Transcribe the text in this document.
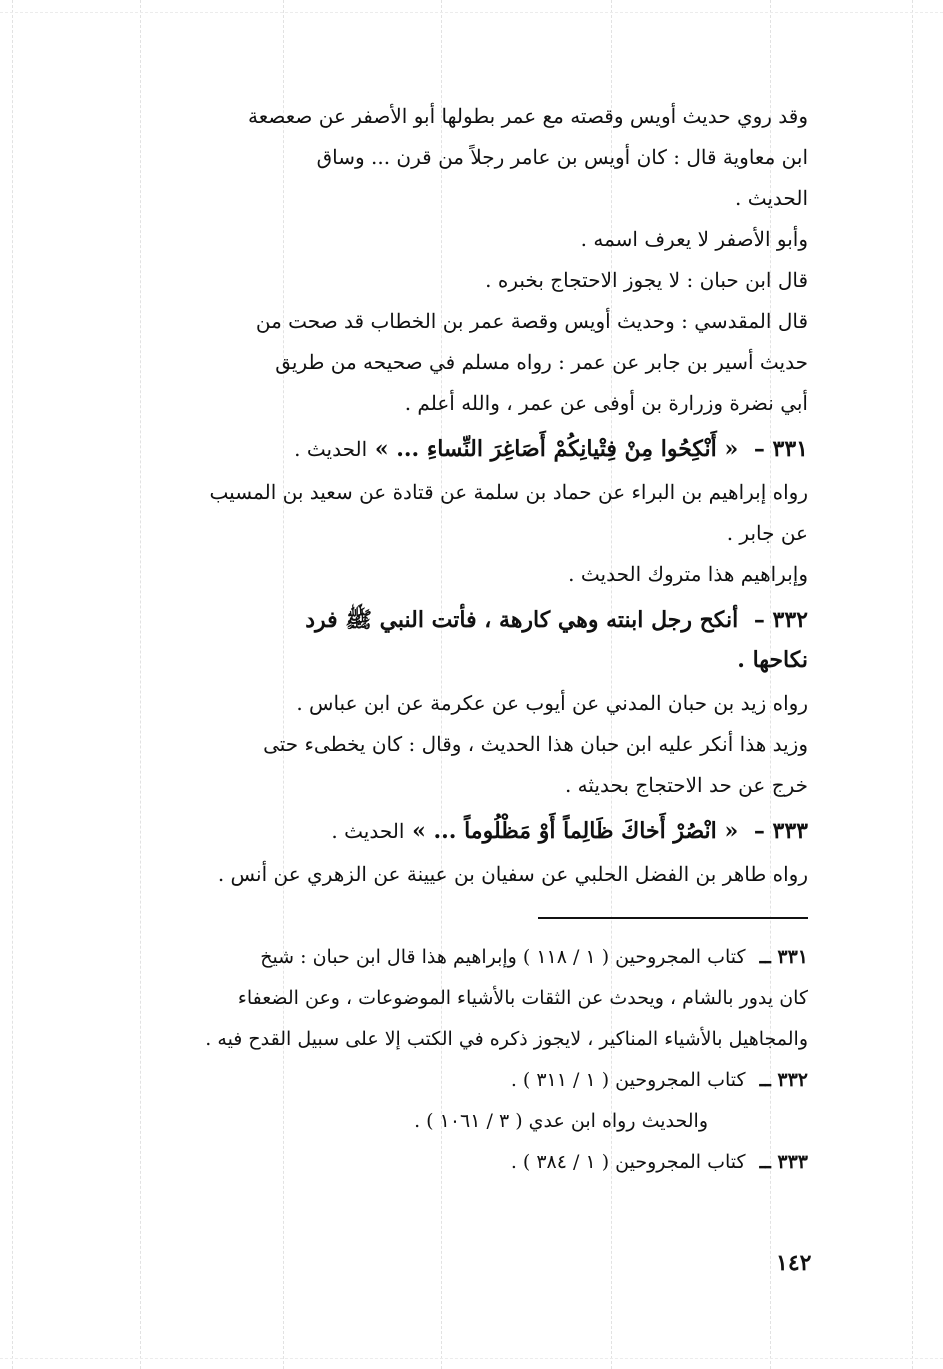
وقد روي حديث أويس وقصته مع عمر بطولها أبو الأصفر عن صعصعة
ابن معاوية قال : كان أويس بن عامر رجلاً من قرن ... وساق
الحديث .
وأبو الأصفر لا يعرف اسمه .
قال ابن حبان : لا يجوز الاحتجاج بخبره .
قال المقدسي : وحديث أويس وقصة عمر بن الخطاب قد صحت من
حديث أسير بن جابر عن عمر : رواه مسلم في صحيحه من طريق
أبي نضرة وزرارة بن أوفى عن عمر ، والله أعلم .
٣٣١ – « أَنْكِحُوا مِنْ فِتْيانِكُمْ أَصَاغِرَ النِّساءِ ... » الحديث .
رواه إبراهيم بن البراء عن حماد بن سلمة عن قتادة عن سعيد بن المسيب
عن جابر .
وإبراهيم هذا متروك الحديث .
٣٣٢ – أنكح رجل ابنته وهي كارهة ، فأتت النبي ﷺ فرد
نكاحها .
رواه زيد بن حبان المدني عن أيوب عن عكرمة عن ابن عباس .
وزيد هذا أنكر عليه ابن حبان هذا الحديث ، وقال : كان يخطىء حتى
خرج عن حد الاحتجاج بحديثه .
٣٣٣ – « انْصُرْ أَخاكَ ظَالِماً أَوْ مَظْلُوماً ... » الحديث .
رواه طاهر بن الفضل الحلبي عن سفيان بن عيينة عن الزهري عن أنس .
٣٣١ ــ كتاب المجروحين ( ١ / ١١٨ ) وإبراهيم هذا قال ابن حبان : شيخ
كان يدور بالشام ، ويحدث عن الثقات بالأشياء الموضوعات ، وعن الضعفاء
والمجاهيل بالأشياء المناكير ، لايجوز ذكره في الكتب إلا على سبيل القدح فيه .
٣٣٢ ــ كتاب المجروحين ( ١ / ٣١١ ) .
والحديث رواه ابن عدي ( ٣ / ١٠٦١ ) .
٣٣٣ ــ كتاب المجروحين ( ١ / ٣٨٤ ) .
١٤٢
